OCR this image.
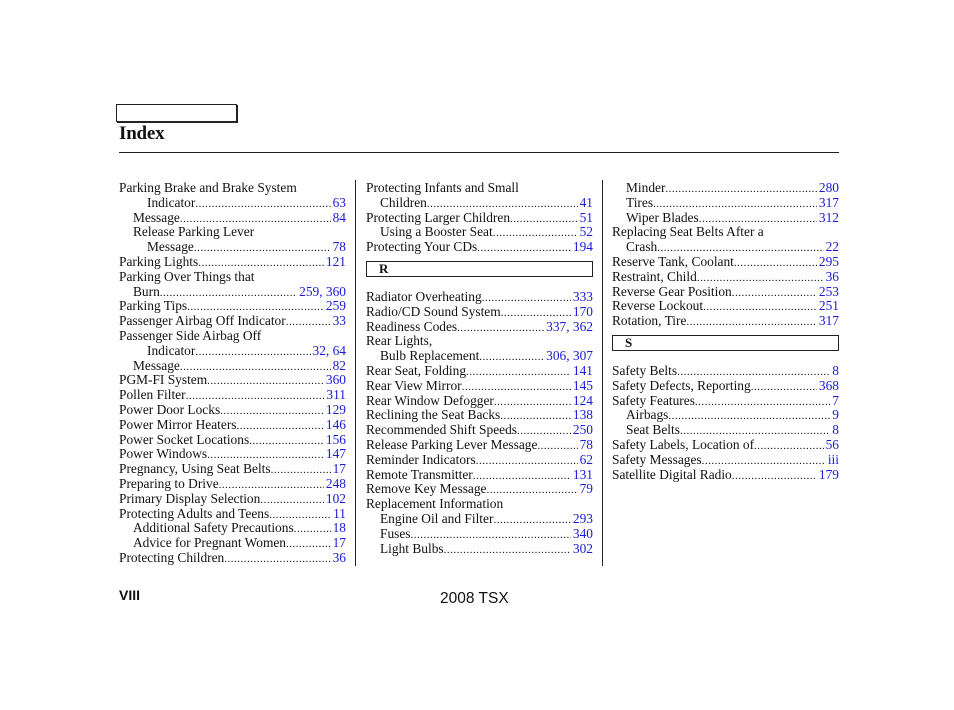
Index
Parking Brake and Brake System
Indicator .....	63
Message .....	84
Release Parking Lever
Message .....	78
Parking Lights .....	121
Parking Over Things that
Burn .....	259, 360
Parking Tips .....	259
Passenger Airbag Off Indicator .....	33
Passenger Side Airbag Off
Indicator .....	32, 64
Message .....	82
PGM-FI System .....	360
Pollen Filter .....	311
Power Door Locks .....	129
Power Mirror Heaters .....	146
Power Socket Locations .....	156
Power Windows .....	147
Pregnancy, Using Seat Belts .....	17
Preparing to Drive .....	248
Primary Display Selection .....	102
Protecting Adults and Teens .....	11
Additional Safety Precautions .....	18
Advice for Pregnant Women .....	17
Protecting Children .....	36
Protecting Infants and Small
Children .....	41
Protecting Larger Children .....	51
Using a Booster Seat .....	52
Protecting Your CDs .....	194
R
Radiator Overheating .....	333
Radio/CD Sound System .....	170
Readiness Codes .....	337, 362
Rear Lights,
Bulb Replacement .....	306, 307
Rear Seat, Folding .....	141
Rear View Mirror .....	145
Rear Window Defogger .....	124
Reclining the Seat Backs .....	138
Recommended Shift Speeds .....	250
Release Parking Lever Message .....	78
Reminder Indicators .....	62
Remote Transmitter .....	131
Remove Key Message .....	79
Replacement Information
Engine Oil and Filter .....	293
Fuses .....	340
Light Bulbs .....	302
Minder .....	280
Tires .....	317
Wiper Blades .....	312
Replacing Seat Belts After a
Crash .....	22
Reserve Tank, Coolant .....	295
Restraint, Child .....	36
Reverse Gear Position .....	253
Reverse Lockout .....	251
Rotation, Tire .....	317
S
Safety Belts .....	8
Safety Defects, Reporting .....	368
Safety Features .....	7
Airbags .....	9
Seat Belts .....	8
Safety Labels, Location of .....	56
Safety Messages .....	iii
Satellite Digital Radio .....	179
VIII	2008 TSX
